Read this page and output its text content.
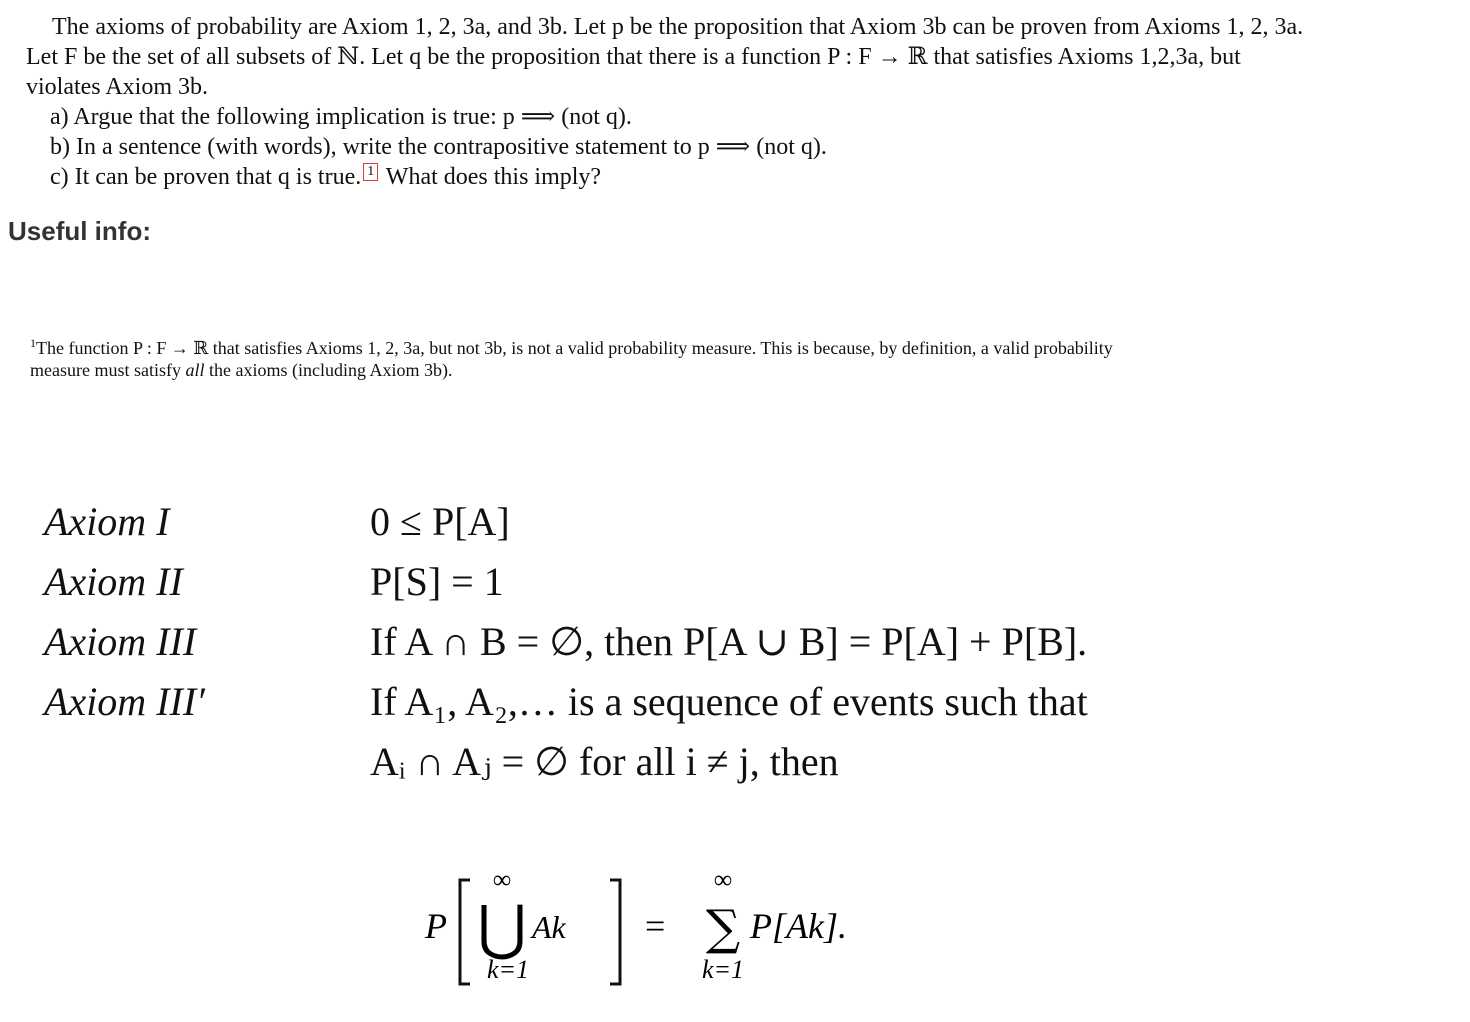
The axioms of probability are Axiom 1, 2, 3a, and 3b. Let p be the proposition that Axiom 3b can be proven from Axioms 1, 2, 3a. Let F be the set of all subsets of ℕ. Let q be the proposition that there is a function P : F → ℝ that satisfies Axioms 1,2,3a, but violates Axiom 3b.

a) Argue that the following implication is true: p ⟹ (not q).

b) In a sentence (with words), write the contrapositive statement to p ⟹ (not q).

c) It can be proven that q is true. 1 What does this imply?

Useful info:

$^1$The function P : F → ℝ that satisfies Axioms 1, 2, 3a, but not 3b, is not a valid probability measure. This is because, by definition, a valid probability

measure must satisfy all the axioms (including Axiom 3b).

Axiom I	0 ≤ P[A]
Axiom II	P[S] = 1
Axiom III	If A ∩ B = ∅, then P[A ∪ B] = P[A] + P[B].
Axiom III′	If A₁, A₂,… is a sequence of events such that
Aᵢ ∩ Aⱼ = ∅ for all i ≠ j, then
P
∞
⋃
k=1
Ak =
∞
∑
k=1
P[Ak].
